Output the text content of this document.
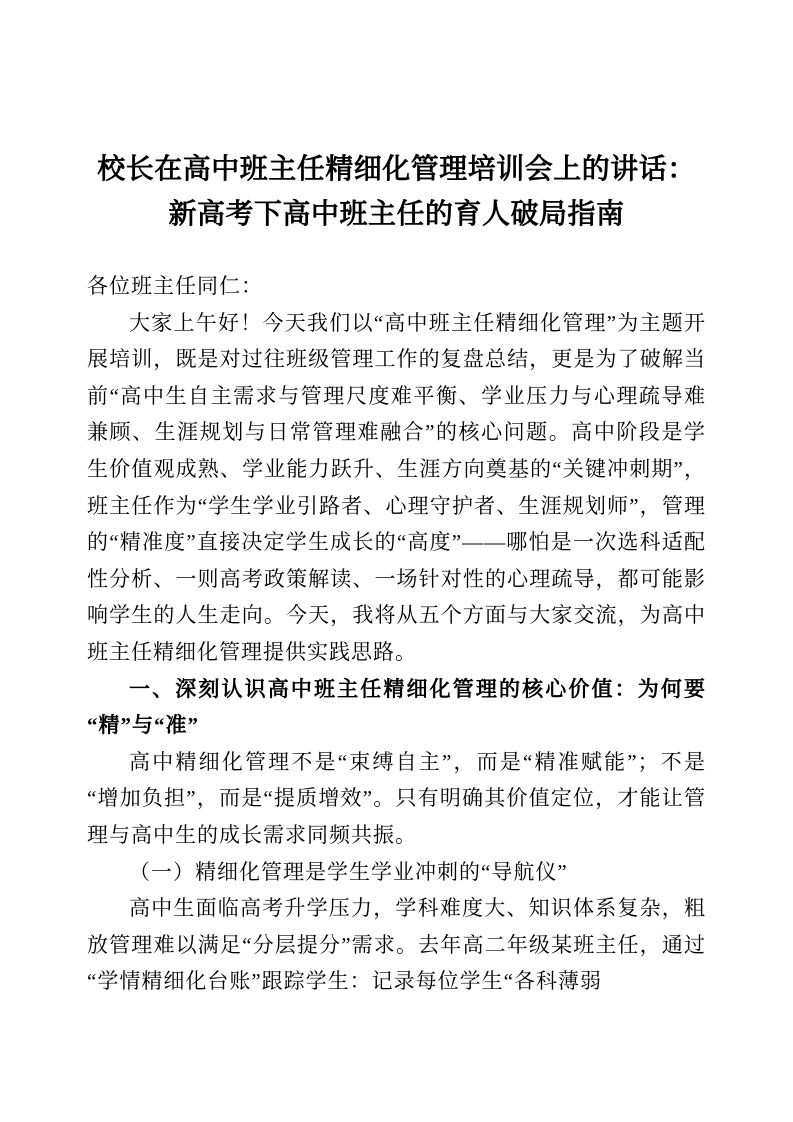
校长在高中班主任精细化管理培训会上的讲话：新高考下高中班主任的育人破局指南

各位班主任同仁：

大家上午好！今天我们以“高中班主任精细化管理”为主题开展培训，既是对过往班级管理工作的复盘总结，更是为了破解当前“高中生自主需求与管理尺度难平衡、学业压力与心理疏导难兼顾、生涯规划与日常管理难融合”的核心问题。高中阶段是学生价值观成熟、学业能力跃升、生涯方向奠基的“关键冲刺期”，班主任作为“学生学业引路者、心理守护者、生涯规划师”，管理的“精准度”直接决定学生成长的“高度”——哪怕是一次选科适配性分析、一则高考政策解读、一场针对性的心理疏导，都可能影响学生的人生走向。今天，我将从五个方面与大家交流，为高中班主任精细化管理提供实践思路。

一、深刻认识高中班主任精细化管理的核心价值：为何要“精”与“准”

高中精细化管理不是“束缚自主”，而是“精准赋能”；不是“增加负担”，而是“提质增效”。只有明确其价值定位，才能让管理与高中生的成长需求同频共振。

（一）精细化管理是学生学业冲刺的“导航仪”

高中生面临高考升学压力，学科难度大、知识体系复杂，粗放管理难以满足“分层提分”需求。去年高二年级某班主任，通过“学情精细化台账”跟踪学生：记录每位学生“各科薄弱
